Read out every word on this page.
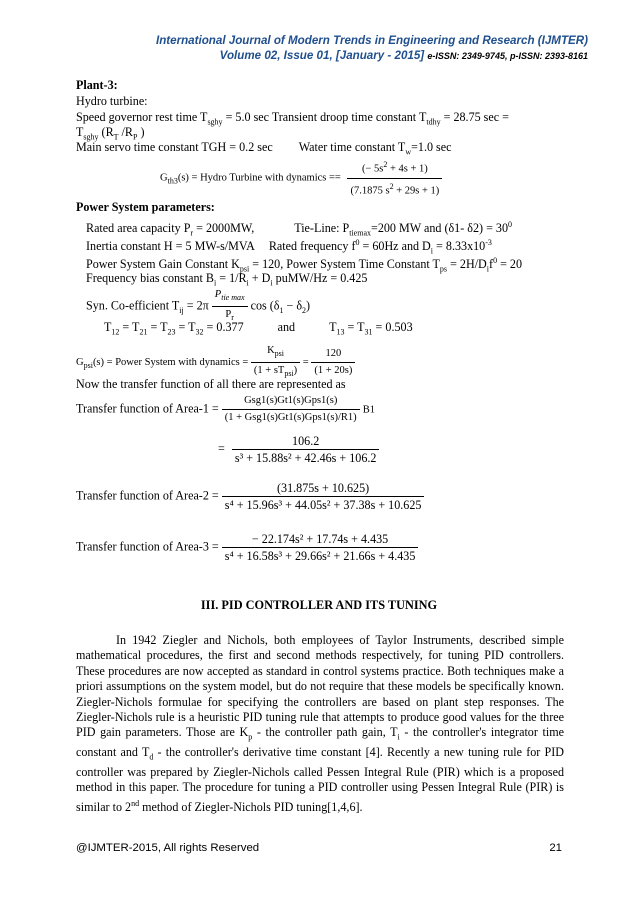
International Journal of Modern Trends in Engineering and Research (IJMTER)
Volume 02, Issue 01, [January - 2015] e-ISSN: 2349-9745, p-ISSN: 2393-8161
Plant-3:
Hydro turbine:
Speed governor rest time $T_{sghy} = 5.0$ sec Transient droop time constant $T_{tdhy} = 28.75$ sec =
$T_{sghy}$ ($R_T$ $/R_P$ )
Main servo time constant TGH = 0.2 sec Water time constant $T_w=1.0$ sec
$G_{th3}(s)$ = Hydro Turbine with dynamics == $\frac{(- 5s^2 + 4s + 1)}{(7.1875 s^2 + 29s + 1)}$
Power System parameters:
Rated area capacity $P_r = 2000MW$,	Tie-Line: $P_{tiemax}=200$ MW and (δ1- $\delta 2) = 30^0$
Inertia constant H = 5 MW-s/MVA Rated frequency $f^0 = 60Hz$ and $D_i = 8.33x10^{-3}$
Power System Gain Constant $K_{psi} = 120$, Power System Time Constant $T_{ps} = 2H/D_if^0 = 20$
Frequency bias constant $B_i = 1/R_i + D_i$ puMW/Hz = 0.425
Syn. Co-efficient $T_{ij} = 2\pi \frac{P_{tie max}}{P_r}$ $\cos (\delta_1 - \delta_2)$
$T_{12} = T_{21} = T_{23} = T_{32} = 0.377$	and	$T_{13} = T_{31} = 0.503$
$G_{psi}(s)$ = Power System with dynamics = $\frac{K_{psi}}{(1 + sT_{psi})} = \frac{120}{(1 + 20s)}$
Now the transfer function of all there are represented as
Transfer function of Area-1 = $\frac{\text{Gsg1(s)Gt1(s)Gps1(s)}}{\text{(1 + Gsg1(s)Gt1(s)Gps1(s)/R1)}} B1$
= $\frac{106.2}{\text{s³ + 15.88s² + 42.46s + 106.2}}$
Transfer function of Area-2 = $\frac{(31.875s + 10.625)}{\text{s⁴ + 15.96s³ + 44.05s² + 37.38s + 10.625}}$
Transfer function of Area-3 = $\frac{\text{− 22.174s² + 17.74s + 4.435}}{\text{s⁴ + 16.58s³ + 29.66s² + 21.66s + 4.435}}$
III. PID CONTROLLER AND ITS TUNING
In 1942 Ziegler and Nichols, both employees of Taylor Instruments, described simple mathematical procedures, the first and second methods respectively, for tuning PID controllers. These procedures are now accepted as standard in control systems practice. Both techniques make a priori assumptions on the system model, but do not require that these models be specifically known. Ziegler-Nichols formulae for specifying the controllers are based on plant step responses. The Ziegler-Nichols rule is a heuristic PID tuning rule that attempts to produce good values for the three PID gain parameters. Those are $K_p$ - the controller path gain, $T_i$ - the controller's integrator time constant and $T_d$ - the controller's derivative time constant [4]. Recently a new tuning rule for PID controller was prepared by Ziegler-Nichols called Pessen Integral Rule (PIR) which is a proposed method in this paper. The procedure for tuning a PID controller using Pessen Integral Rule (PIR) is similar to 2nd method of Ziegler-Nichols PID tuning[1,4,6].
@IJMTER-2015, All rights Reserved	21
